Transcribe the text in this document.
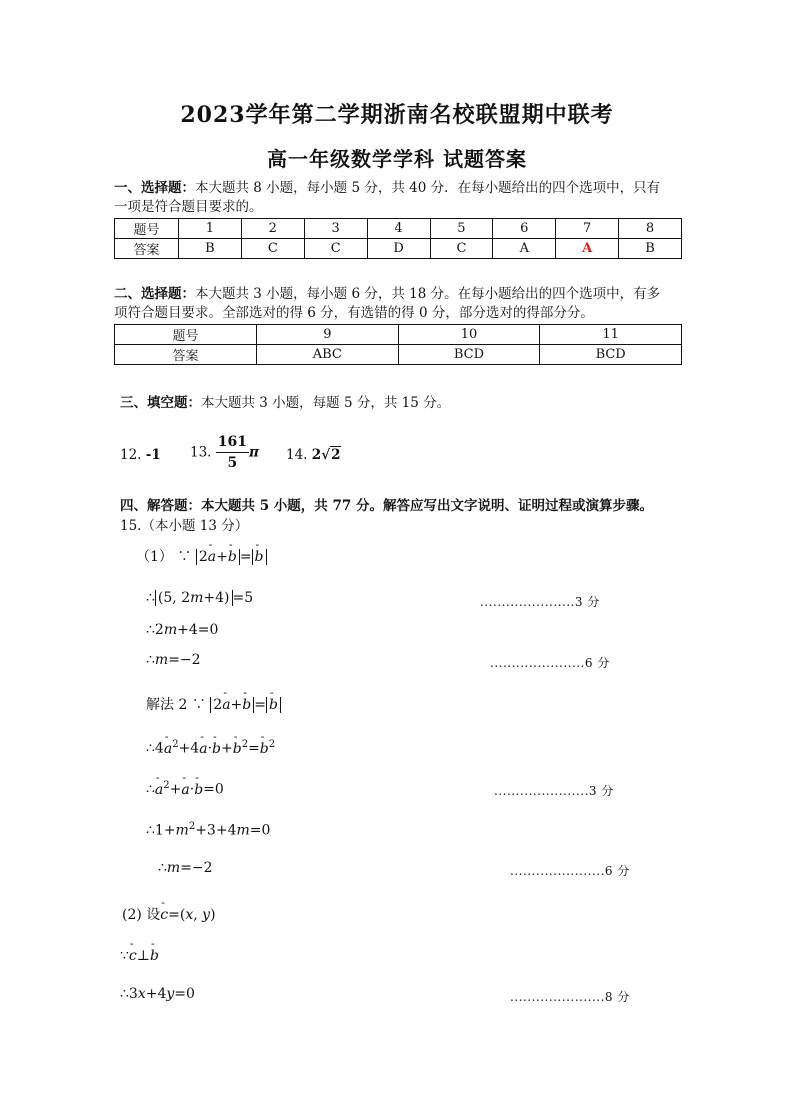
2023学年第二学期浙南名校联盟期中联考
高一年级数学学科 试题答案
一、选择题：本大题共 8 小题，每小题 5 分，共 40 分．在每小题给出的四个选项中，只有
一项是符合题目要求的。
题号	1	2	3	4	5	6	7	8
答案	B	C	C	D	C	A	A	B
二、选择题：本大题共 3 小题，每小题 6 分，共 18 分。在每小题给出的四个选项中，有多
项符合题目要求。全部选对的得 6 分，有选错的得 0 分，部分选对的得部分分。
题号	9	10	11
答案	ABC	BCD	BCD
三、填空题：本大题共 3 小题，每题 5 分，共 15 分。
12. -1 13. $\frac{161}{5}$ π 14. 2√2
四、解答题：本大题共 5 小题，共 77 分。解答应写出文字说明、证明过程或演算步骤。
15.（本小题 13 分）
（1） ∵ 2- a+- b = - b
∴ (5, 2m+4) =5	......................3 分
∴2m+4=0
∴m=−2	......................6 分
解法 2 ∵ 2- a+- b = - b
∴4- $a^2+4-$ a·- b+- $b^2=-$ $b^2$
∴- $a^2+-$ a·- b=0	......................3 分
$\therefore 1+m^2+3+4m=0$
∴m=−2	......................6 分
(2) 设- c=(x, y)
∵- c⊥- b
∴3x+4y=0	......................8 分
